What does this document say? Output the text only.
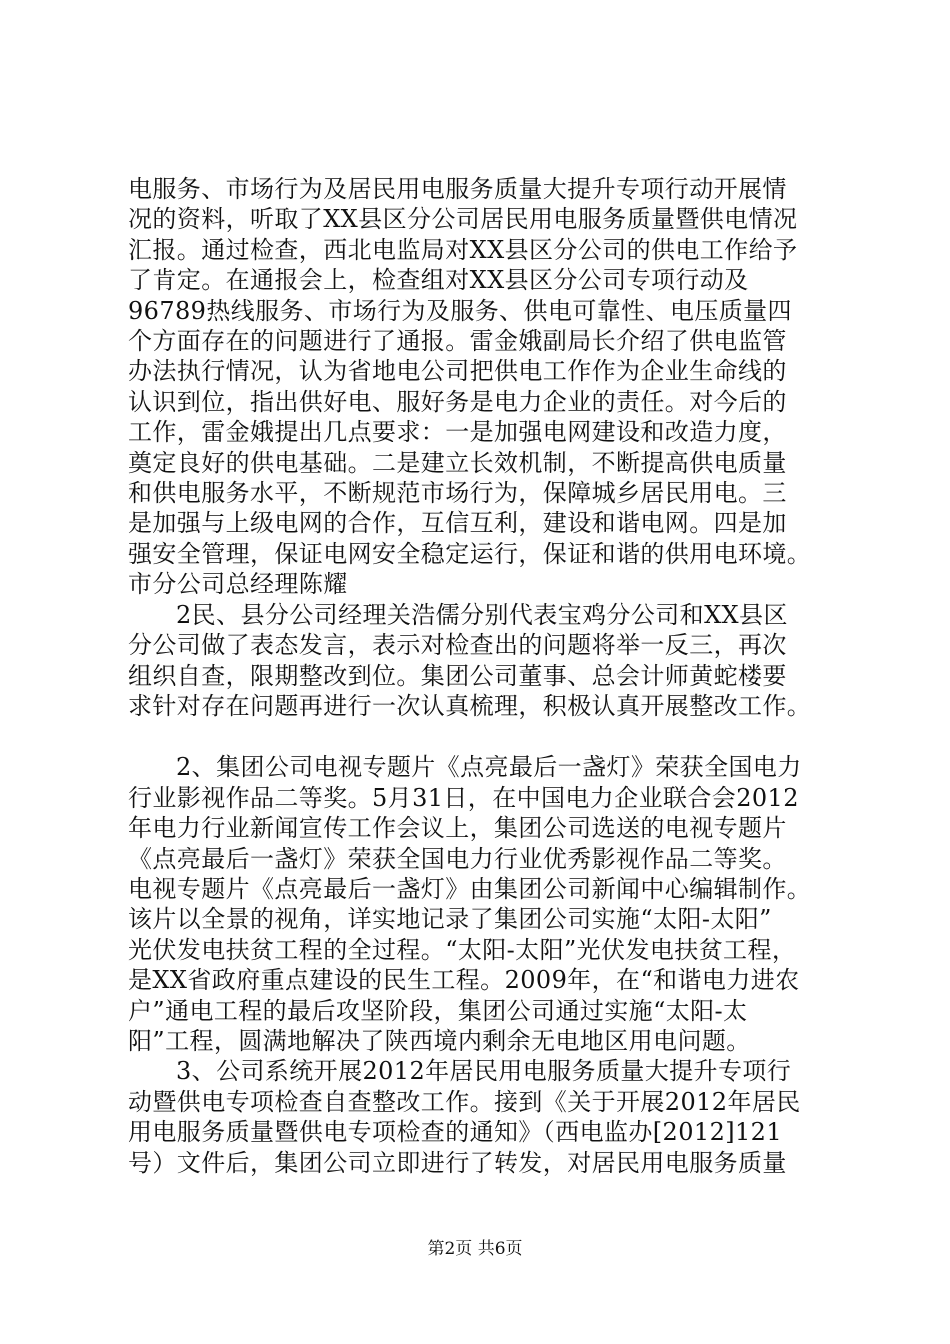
电服务、市场行为及居民用电服务质量大提升专项行动开展情
况的资料，听取了XX县区分公司居民用电服务质量暨供电情况
汇报。通过检查，西北电监局对XX县区分公司的供电工作给予
了肯定。在通报会上，检查组对XX县区分公司专项行动及
96789热线服务、市场行为及服务、供电可靠性、电压质量四
个方面存在的问题进行了通报。雷金娥副局长介绍了供电监管
办法执行情况，认为省地电公司把供电工作作为企业生命线的
认识到位，指出供好电、服好务是电力企业的责任。对今后的
工作，雷金娥提出几点要求：一是加强电网建设和改造力度，
奠定良好的供电基础。二是建立长效机制，不断提高供电质量
和供电服务水平，不断规范市场行为，保障城乡居民用电。三
是加强与上级电网的合作，互信互利，建设和谐电网。四是加
强安全管理，保证电网安全稳定运行，保证和谐的供用电环境。
市分公司总经理陈耀

2民、县分公司经理关浩儒分别代表宝鸡分公司和XX县区
分公司做了表态发言，表示对检查出的问题将举一反三，再次
组织自查，限期整改到位。集团公司董事、总会计师黄蛇楼要
求针对存在问题再进行一次认真梳理，积极认真开展整改工作。

2、集团公司电视专题片《点亮最后一盏灯》荣获全国电力
行业影视作品二等奖。5月31日，在中国电力企业联合会2012
年电力行业新闻宣传工作会议上，集团公司选送的电视专题片
《点亮最后一盏灯》荣获全国电力行业优秀影视作品二等奖。
电视专题片《点亮最后一盏灯》由集团公司新闻中心编辑制作。
该片以全景的视角，详实地记录了集团公司实施“太阳-太阳”
光伏发电扶贫工程的全过程。“太阳-太阳”光伏发电扶贫工程，
是XX省政府重点建设的民生工程。2009年，在“和谐电力进农
户”通电工程的最后攻坚阶段，集团公司通过实施“太阳-太
阳”工程，圆满地解决了陕西境内剩余无电地区用电问题。

3、公司系统开展2012年居民用电服务质量大提升专项行
动暨供电专项检查自查整改工作。接到《关于开展2012年居民
用电服务质量暨供电专项检查的通知》（西电监办[2012]121
号）文件后，集团公司立即进行了转发，对居民用电服务质量

第2页 共6页
